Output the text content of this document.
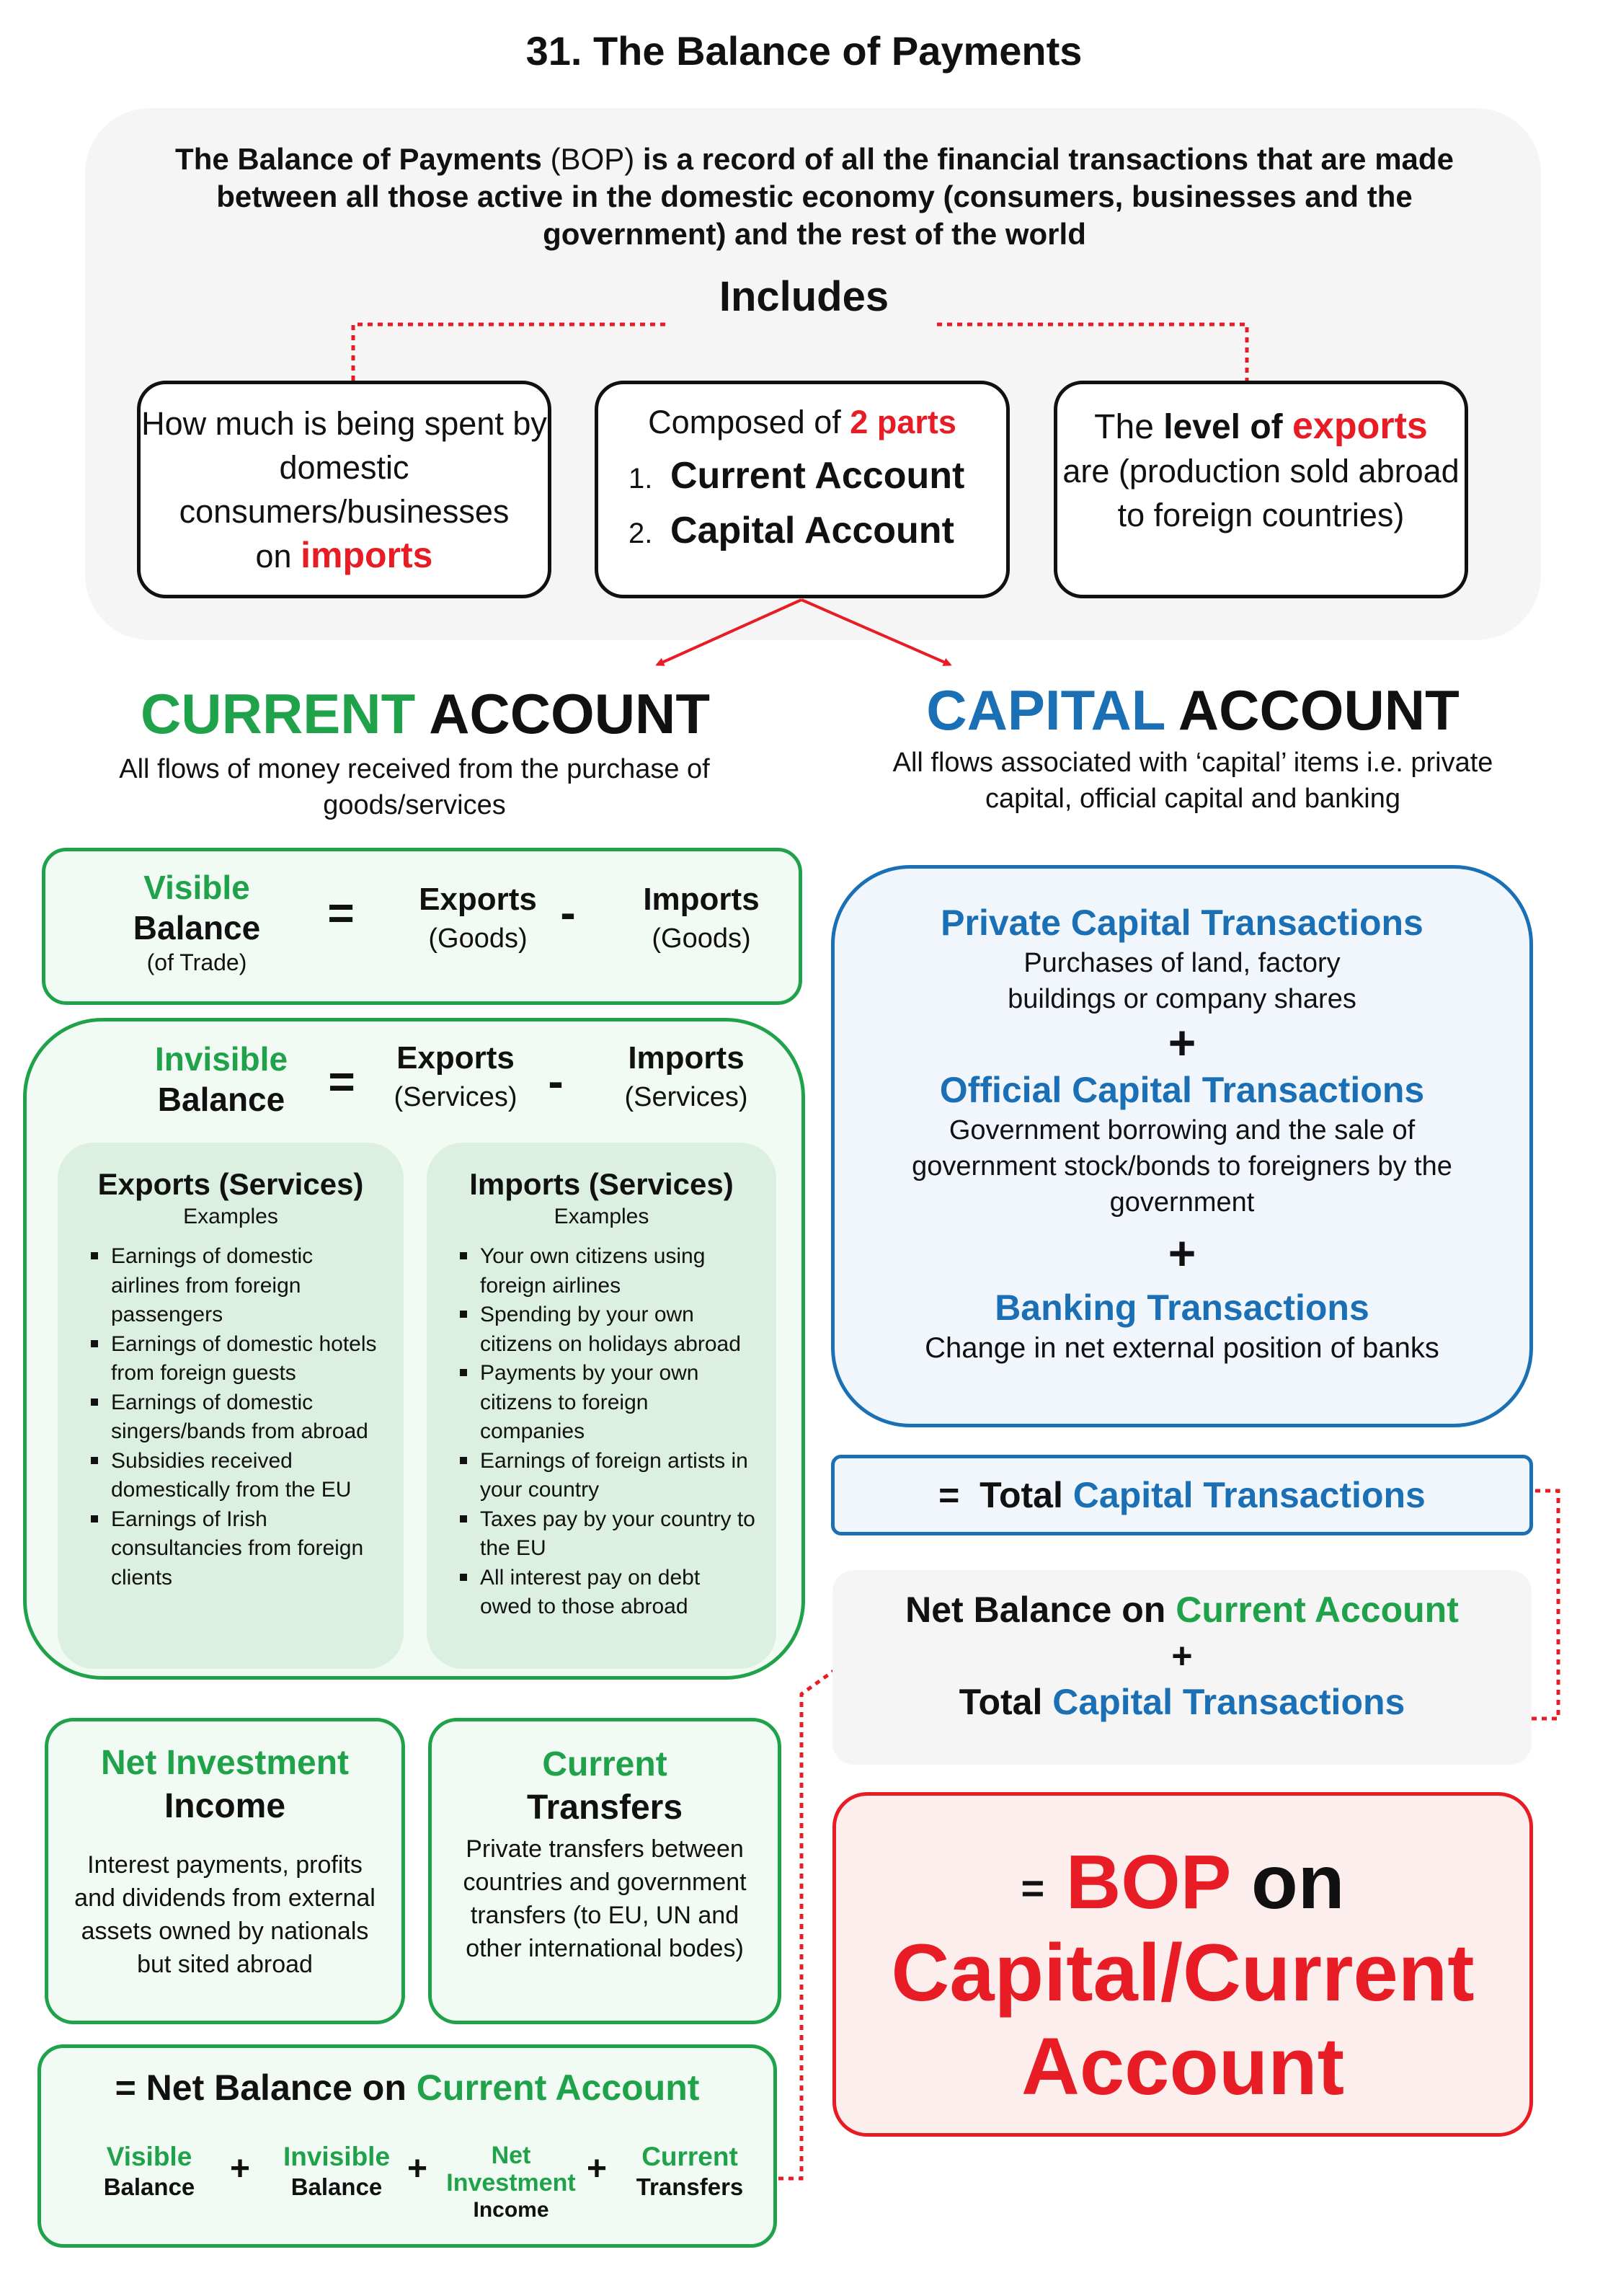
31. The Balance of Payments
The Balance of Payments (BOP) is a record of all the financial transactions that are made between all those active in the domestic economy (consumers, businesses and the government) and the rest of the world
Includes
How much is being spent by domestic consumers/businesses
on imports
Composed of 2 parts
1. Current Account
2. Capital Account
The level of exports
are (production sold abroad to foreign countries)
CURRENT ACCOUNT
All flows of money received from the purchase of goods/services
CAPITAL ACCOUNT
All flows associated with ‘capital’ items i.e. private capital, official capital and banking
Visible
Balance
(of Trade)
=	Exports
(Goods) -	Imports
(Goods)
Invisible
Balance =	Exports
(Services) -	Imports
(Services)
Exports (Services)
Examples
Earnings of domestic airlines from foreign passengers
Earnings of domestic hotels from foreign guests
Earnings of domestic singers/bands from abroad
Subsidies received domestically from the EU
Earnings of Irish consultancies from foreign clients
Imports (Services)
Examples
Your own citizens using foreign airlines
Spending by your own citizens on holidays abroad
Payments by your own citizens to foreign companies
Earnings of foreign artists in your country
Taxes pay by your country to the EU
All interest pay on debt owed to those abroad
Net Investment
Income
Interest payments, profits and dividends from external assets owned by nationals but sited abroad
Current
Transfers
Private transfers between countries and government transfers (to EU, UN and other international bodes)
= Net Balance on Current Account
Visible
Balance	+	Invisible
Balance +	Net
Investment
Income
+	Current
Transfers
Private Capital Transactions
Purchases of land, factory buildings or company shares
+
Official Capital Transactions
Government borrowing and the sale of government stock/bonds to foreigners by the government
+
Banking Transactions
Change in net external position of banks
= Total Capital Transactions
Net Balance on Current Account
+
Total Capital Transactions
= BOP on
Capital/Current
Account
